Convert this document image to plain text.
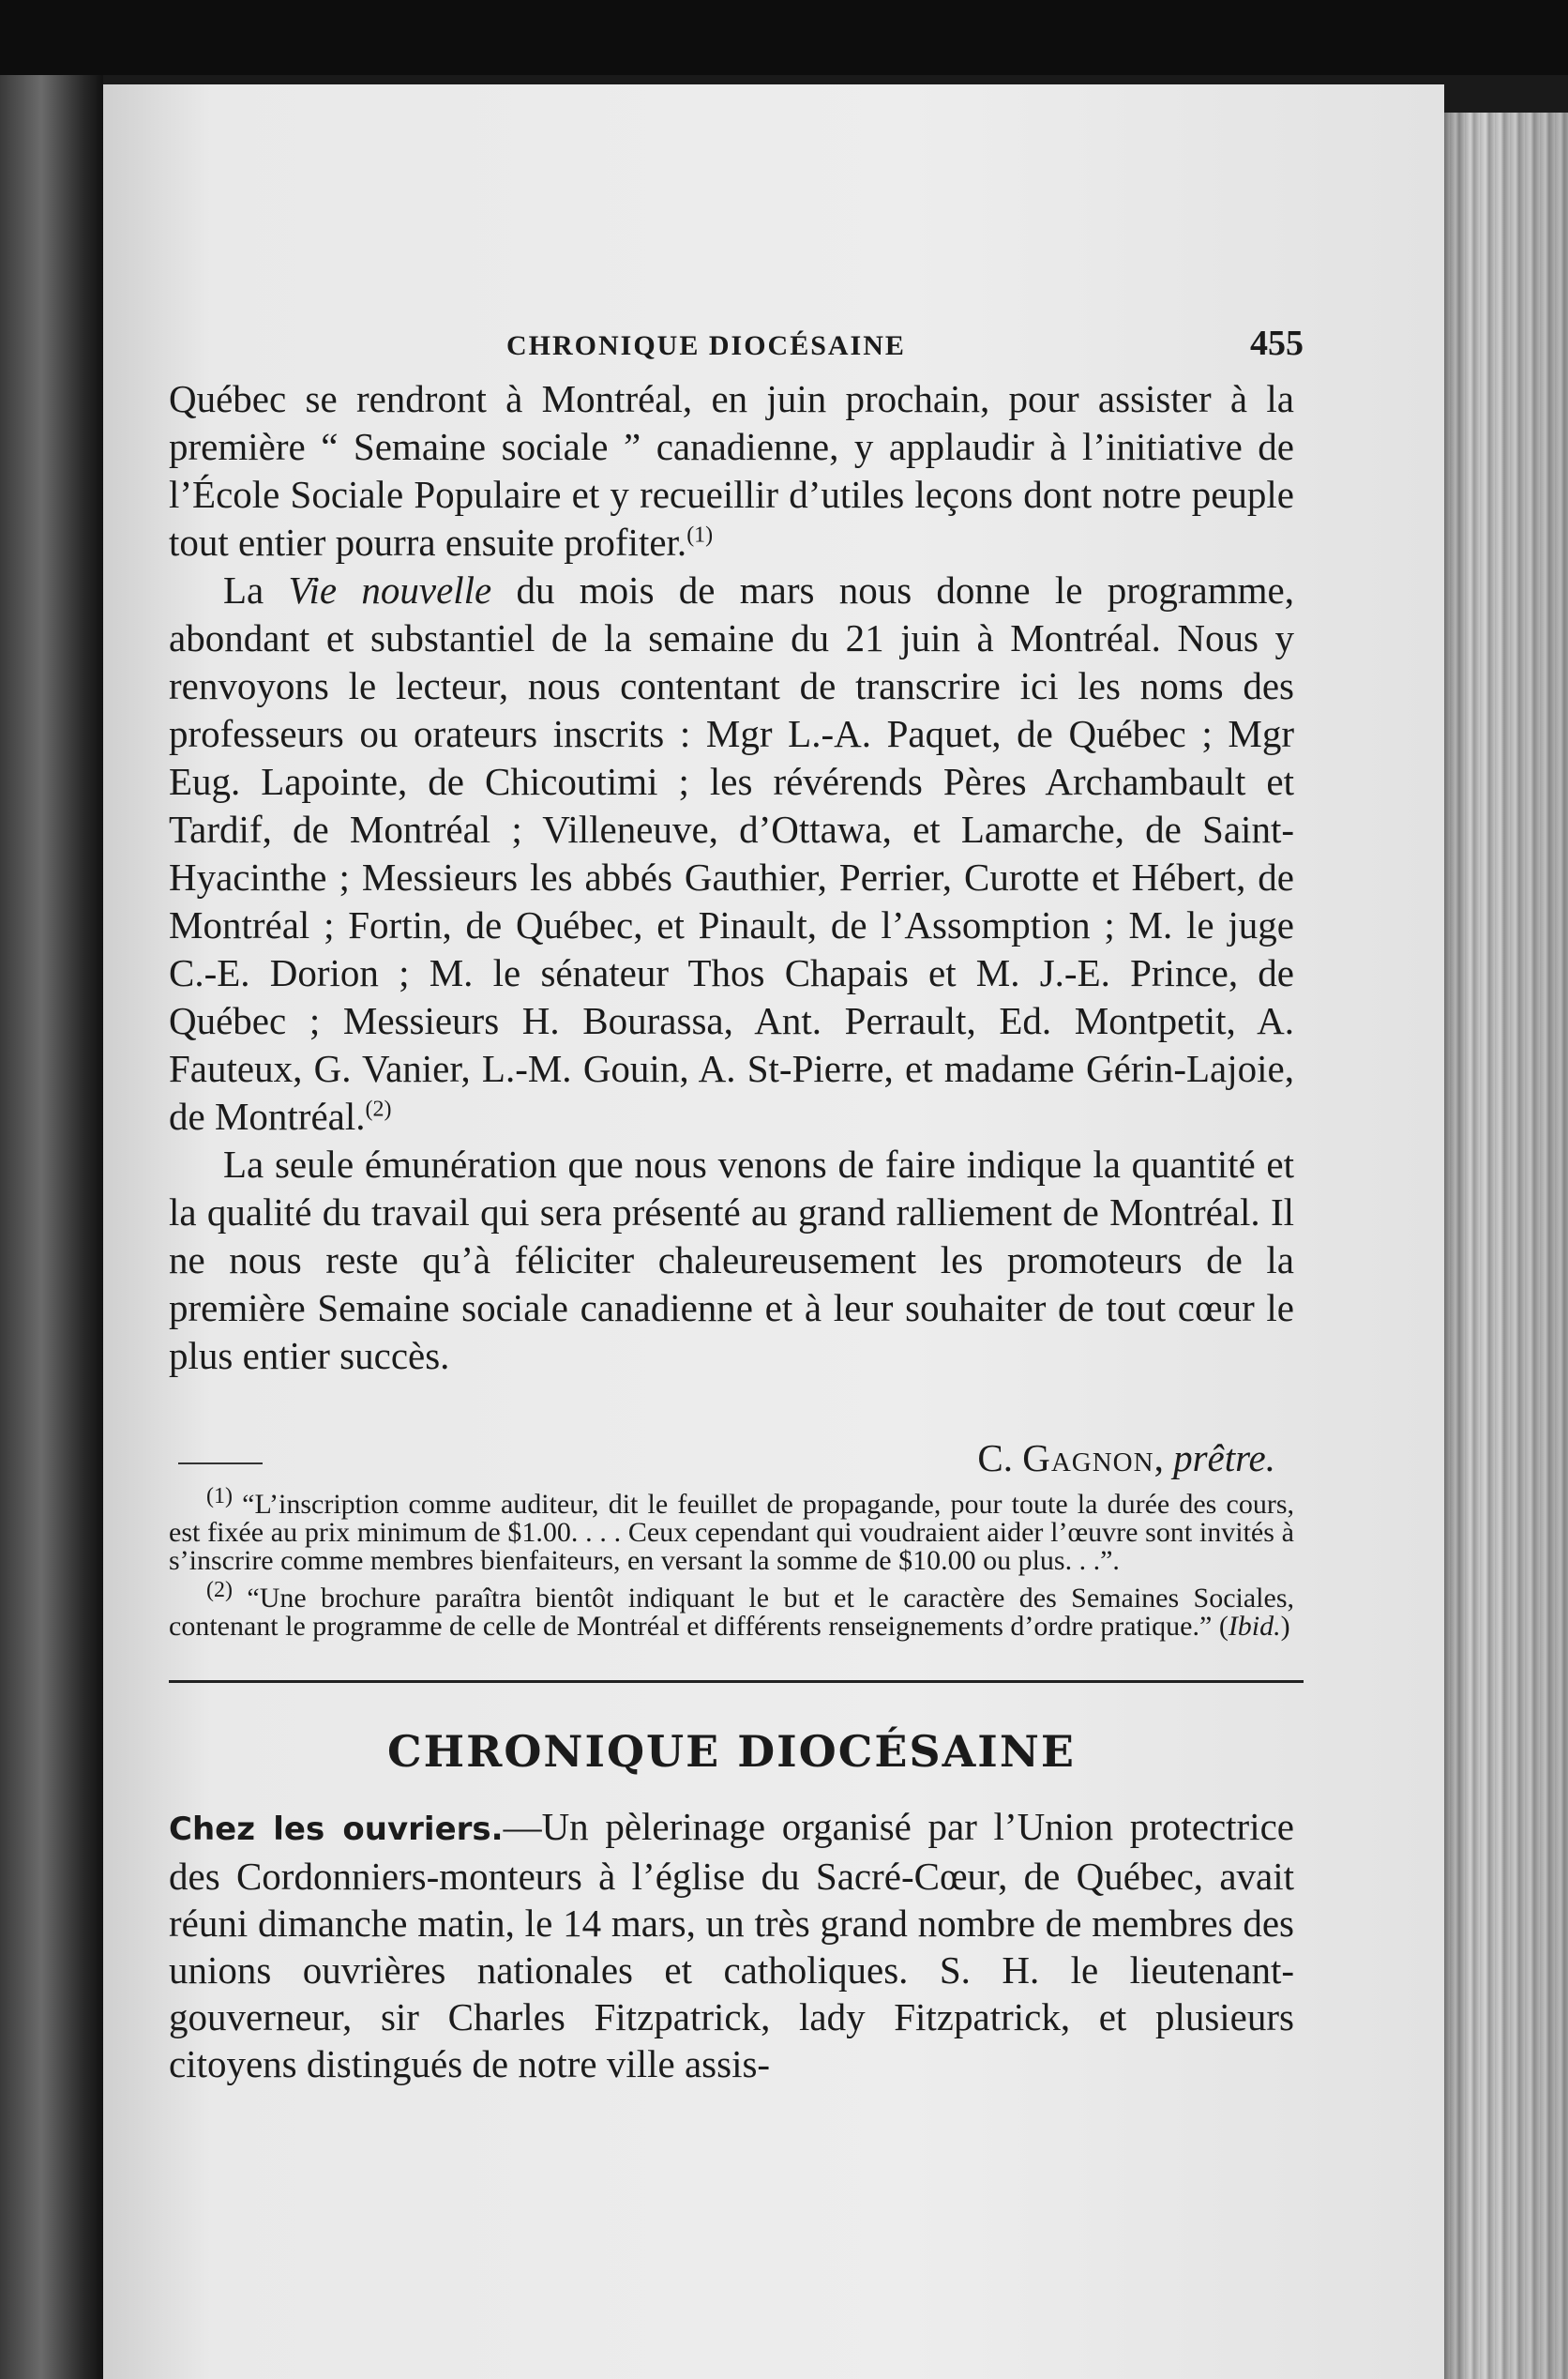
CHRONIQUE DIOCÉSAINE	455

Québec se rendront à Montréal, en juin prochain, pour assister à la première “ Semaine sociale ” canadienne, y applaudir à l’initiative de l’École Sociale Populaire et y recueillir d’utiles leçons dont notre peuple tout entier pourra ensuite profiter.$^{(1)}$

La Vie nouvelle du mois de mars nous donne le programme, abondant et substantiel de la semaine du 21 juin à Montréal. Nous y renvoyons le lecteur, nous contentant de transcrire ici les noms des professeurs ou orateurs inscrits : Mgr L.-A. Paquet, de Québec ; Mgr Eug. Lapointe, de Chicoutimi ; les révérends Pères Archambault et Tardif, de Montréal ; Villeneuve, d’Ottawa, et Lamarche, de Saint-Hyacinthe ; Messieurs les abbés Gauthier, Perrier, Curotte et Hébert, de Montréal ; Fortin, de Québec, et Pinault, de l’Assomption ; M. le juge C.-E. Dorion ; M. le sénateur Thos Chapais et M. J.-E. Prince, de Québec ; Messieurs H. Bourassa, Ant. Perrault, Ed. Montpetit, A. Fauteux, G. Vanier, L.-M. Gouin, A. St-Pierre, et madame Gérin-Lajoie, de Montréal.$^{(2)}$

La seule émunération que nous venons de faire indique la quantité et la qualité du travail qui sera présenté au grand ralliement de Montréal. Il ne nous reste qu’à féliciter chaleureusement les promoteurs de la première Semaine sociale canadienne et à leur souhaiter de tout cœur le plus entier succès.

C. Gagnon, prêtre.

$^{(1)}$ “L’inscription comme auditeur, dit le feuillet de propagande, pour toute la durée des cours, est fixée au prix minimum de $1.00. . . . Ceux cependant qui voudraient aider l’œuvre sont invités à s’inscrire comme membres bienfaiteurs, en versant la somme de $10.00 ou plus. . .”.

$^{(2)}$ “Une brochure paraîtra bientôt indiquant le but et le caractère des Semaines Sociales, contenant le programme de celle de Montréal et différents renseignements d’ordre pratique.” (Ibid.)

CHRONIQUE DIOCÉSAINE

Chez les ouvriers.—Un pèlerinage organisé par l’Union protectrice des Cordonniers-monteurs à l’église du Sacré-Cœur, de Québec, avait réuni dimanche matin, le 14 mars, un très grand nombre de membres des unions ouvrières nationales et catholiques. S. H. le lieutenant-gouverneur, sir Charles Fitzpatrick, lady Fitzpatrick, et plusieurs citoyens distingués de notre ville assis-
